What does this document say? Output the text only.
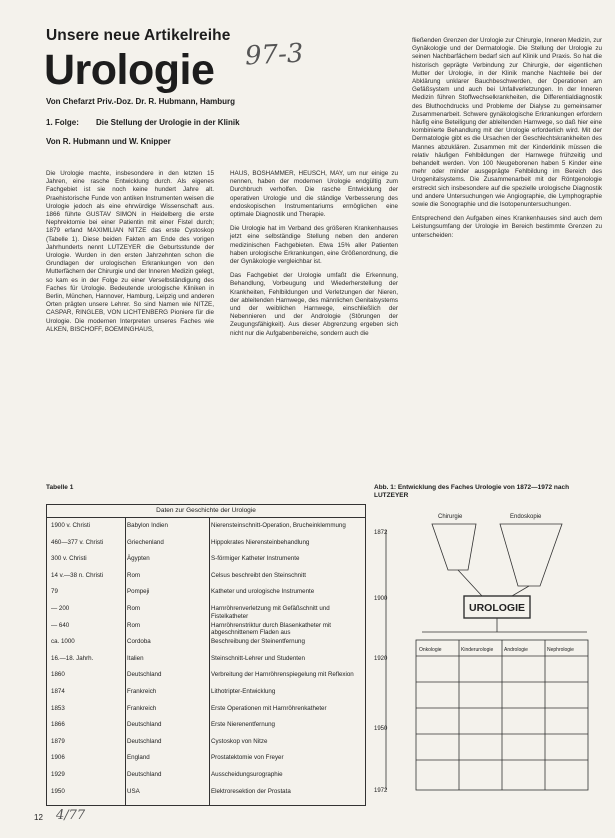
Unsere neue Artikelreihe
Urologie 97-3
Von Chefarzt Priv.-Doz. Dr. R. Hubmann, Hamburg
1. Folge: Die Stellung der Urologie in der Klinik
Von R. Hubmann und W. Knipper

Die Urologie machte, insbesondere in den letzten 15 Jahren, eine rasche Entwicklung durch. Als eigenes Fachgebiet ist sie noch keine hundert Jahre alt. Praehistorische Funde von antiken Instrumenten weisen die Urologie jedoch als eine ehrwürdige Wissenschaft aus. 1866 führte GUSTAV SIMON in Heidelberg die erste Nephrektomie bei einer Patientin mit einer Fistel durch; 1879 erfand MAXIMILIAN NITZE das erste Cystoskop (Tabelle 1). Diese beiden Fakten am Ende des vorigen Jahrhunderts nennt LUTZEYER die Geburtsstunde der Urologie. Wurden in den ersten Jahrzehnten schon die Grundlagen der urologischen Erkrankungen von den Mutterfächern der Chirurgie und der Inneren Medizin gelegt, so kam es in der Folge zu einer Verselbständigung des Faches für Urologie. Bedeutende urologische Kliniken in Berlin, München, Hannover, Hamburg, Leipzig und anderen Orten prägten unsere Lehrer. So sind Namen wie NITZE, CASPAR, RINGLEB, VON LICHTENBERG Pioniere für die Urologie. Die modernen Interpreten unseres Faches wie ALKEN, BISCHOFF, BOEMINGHAUS,

HAUS, BOSHAMMER, HEUSCH, MAY, um nur einige zu nennen, haben der modernen Urologie endgültig zum Durchbruch verholfen. Die rasche Entwicklung der operativen Urologie und die ständige Verbesserung des endoskopischen Instrumentariums ermöglichen eine optimale Diagnostik und Therapie.

Die Urologie hat im Verband des größeren Krankenhauses jetzt eine selbständige Stellung neben den anderen medizinischen Fachgebieten. Etwa 15% aller Patienten haben urologische Erkrankungen, eine Größenordnung, die der Gynäkologie vergleichbar ist.

Das Fachgebiet der Urologie umfaßt die Erkennung, Behandlung, Vorbeugung und Wiederherstellung der Krankheiten, Fehlbildungen und Verletzungen der Nieren, der ableitenden Harnwege, des männlichen Genitalsystems und der weiblichen Harnwege, einschließlich der Nebennieren und der Andrologie (Störungen der Zeugungsfähigkeit). Aus dieser Abgrenzung ergeben sich nicht nur die Aufgabenbereiche, sondern auch die

fließenden Grenzen der Urologie zur Chirurgie, Inneren Medizin, zur Gynäkologie und der Dermatologie. Die Stellung der Urologie zu seinen Nachbarfächern bedarf sich auf Klinik und Praxis. So hat die historisch geprägte Verbindung zur Chirurgie, der eigentlichen Mutter der Urologie, in der Klinik manche Nachteile bei der Abklärung unklarer Bauchbeschwerden, der Operationen am Gefäßsystem und auch bei Unfallverletzungen. In der Inneren Medizin führen Stoffwechselkrankheiten, die Differentialdiagnostik des Bluthochdrucks und Probleme der Dialyse zu gemeinsamer Zusammenarbeit. Schwere gynäkologische Erkrankungen erfordern häufig eine Beteiligung der ableitenden Harnwege, so daß hier eine kombinierte Behandlung mit der Urologie erforderlich wird. Mit der Dermatologie gibt es die Ursachen der Geschlechtskrankheiten des Mannes abzuklären. Zusammen mit der Kinderklinik müssen die relativ häufigen Fehlbildungen der Harnwege frühzeitig und behandelt werden. Von 100 Neugeborenen haben 5 Kinder eine mehr oder minder ausgeprägte Fehlbildung im Bereich des Urogenitalsystems. Die Zusammenarbeit mit der Röntgenologie erstreckt sich insbesondere auf die spezielle urologische Diagnostik und andere Untersuchungen wie Angiographie, die Lymphographie sowie die Sonographie und die Isotopenuntersuchungen.

Entsprechend den Aufgaben eines Krankenhauses sind auch dem Leistungsumfang der Urologie im Bereich bestimmte Grenzen zu unterscheiden:

Tabelle 1
Daten zur Geschichte der Urologie
1900 v. Christi	Babylon Indien	Nierensteinschnitt-Operation, Brucheinklemmung
460—377 v. Christi	Griechenland	Hippokrates Nierensteinbehandlung
300 v. Christi	Ägypten	S-förmiger Katheter Instrumente
14 v.—38 n. Christi	Rom	Celsus beschreibt den Steinschnitt
79	Pompeji	Katheter und urologische Instrumente
— 200	Rom	Harnröhrenverletzung mit Gefäßschnitt und Fistelkatheter
— 640	Rom	Harnröhrenstriktur durch Blasenkatheter mit abgeschnittenem Fladen aus
ca. 1000	Cordoba	Beschreibung der Steinentfernung
16.—18. Jahrh.	Italien	Steinschnitt-Lehrer und Studenten
1860	Deutschland	Verbreitung der Harnröhrenspiegelung mit Reflexion
1874	Frankreich	Lithotripter-Entwicklung
1853	Frankreich	Erste Operationen mit Harnröhrenkatheter
1866	Deutschland	Erste Nierenentfernung
1879	Deutschland	Cystoskop von Nitze
1906	England	Prostatektomie von Freyer
1929	Deutschland	Ausscheidungsurographie
1950	USA	Elektroresektion der Prostata
Abb. 1: Entwicklung des Faches Urologie von 1872—1972 nach LUTZEYER
1872
1900
1920
1950
1972
Chirurgie	Endoskopie
UROLOGIE
Onkologie	Kinderurologie Andrologie	Nephrologie
12 4/77
